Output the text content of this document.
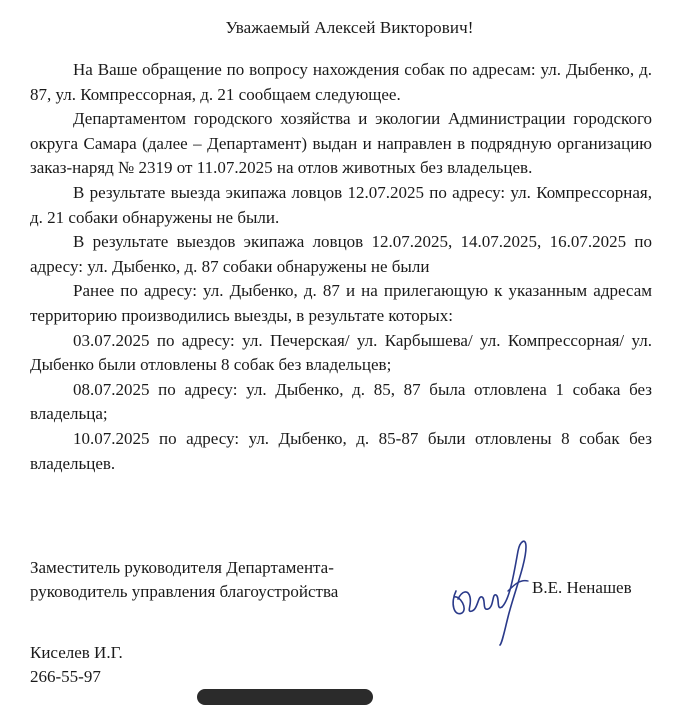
Уважаемый Алексей Викторович!

На Ваше обращение по вопросу нахождения собак по адресам: ул. Дыбенко, д. 87, ул. Компрессорная, д. 21 сообщаем следующее.

Департаментом городского хозяйства и экологии Администрации городского округа Самара (далее – Департамент) выдан и направлен в подрядную организацию заказ-наряд № 2319 от 11.07.2025 на отлов животных без владельцев.

В результате выезда экипажа ловцов 12.07.2025 по адресу: ул. Компрессорная, д. 21 собаки обнаружены не были.

В результате выездов экипажа ловцов 12.07.2025, 14.07.2025, 16.07.2025 по адресу: ул. Дыбенко, д. 87 собаки обнаружены не были

Ранее по адресу: ул. Дыбенко, д. 87 и на прилегающую к указанным адресам территорию производились выезды, в результате которых:

03.07.2025 по адресу: ул. Печерская/ ул. Карбышева/ ул. Компрессорная/ ул. Дыбенко были отловлены 8 собак без владельцев;

08.07.2025 по адресу: ул. Дыбенко, д. 85, 87 была отловлена 1 собака без владельца;

10.07.2025 по адресу: ул. Дыбенко, д. 85-87 были отловлены 8 собак без владельцев.

Заместитель руководителя Департамента-
руководитель управления благоустройства	В.Е. Ненашев
Киселев И.Г.
266-55-97
